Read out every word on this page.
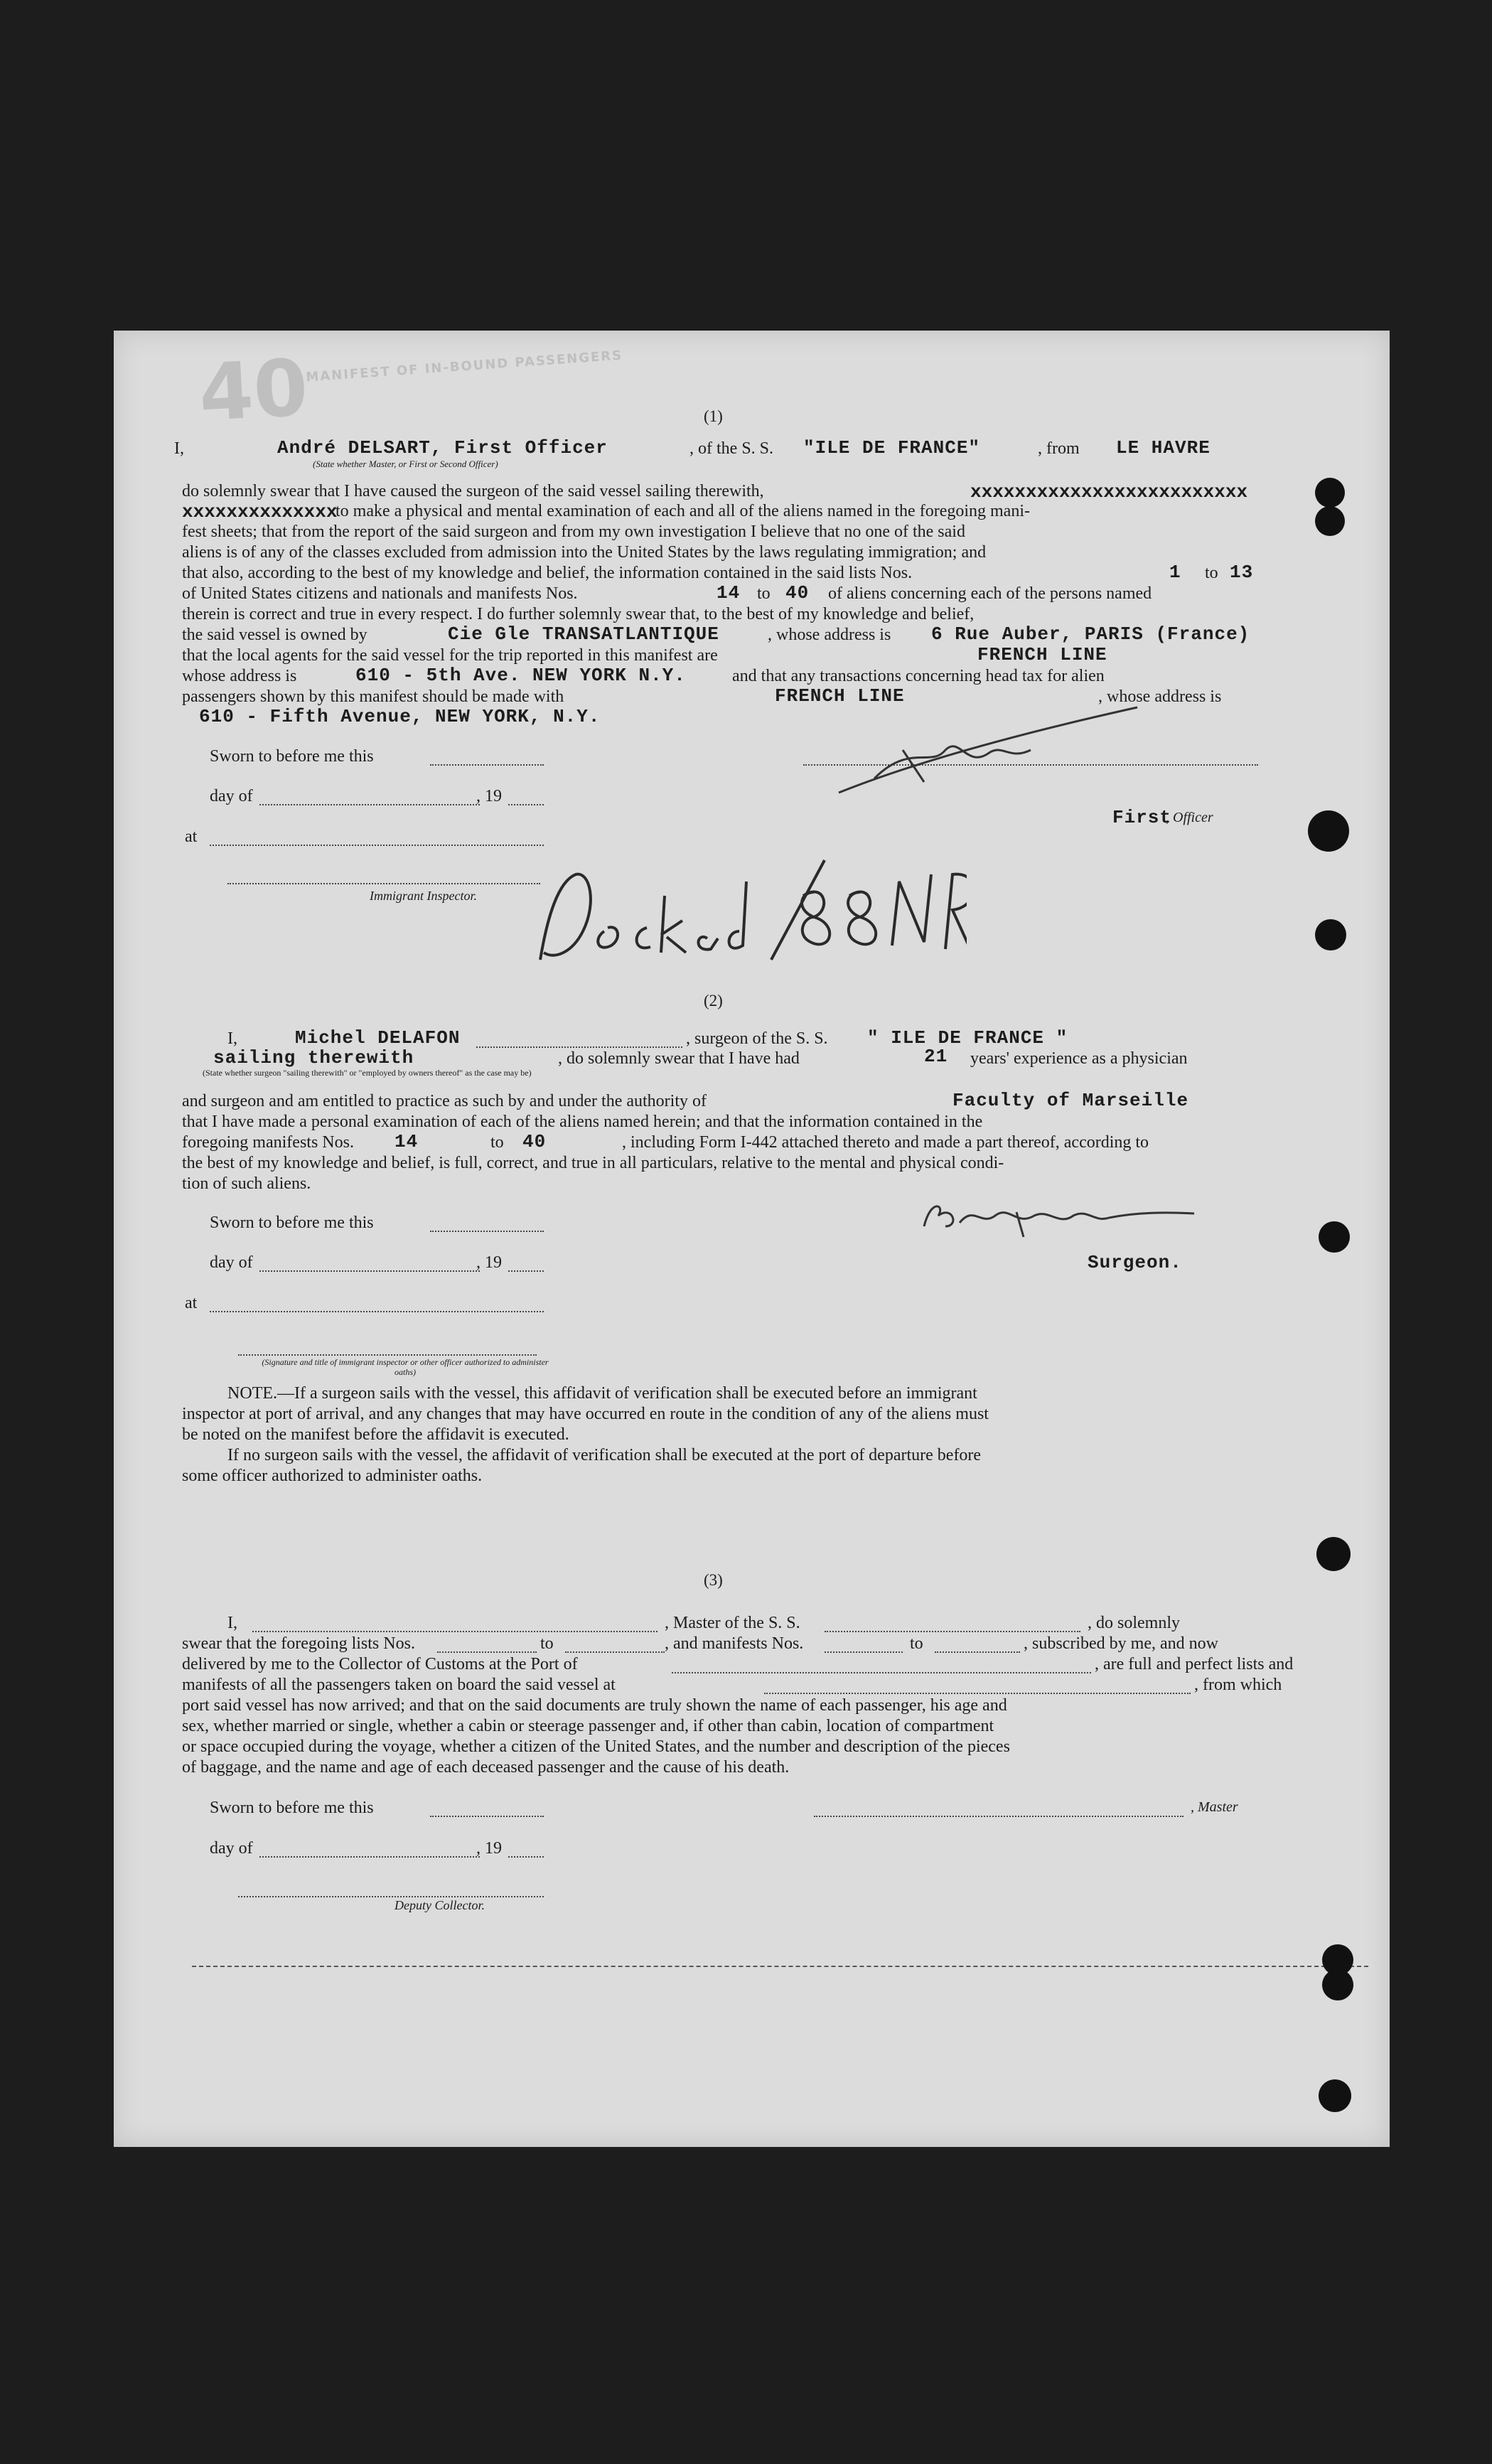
40
MANIFEST OF IN-BOUND PASSENGERS
(1)
I,	André DELSART, First Officer	, of the S. S. "ILE DE FRANCE"	, from LE HAVRE
(State whether Master, or First or Second Officer)
do solemnly swear that I have caused the surgeon of the said vessel sailing therewith,	xxxxxxxxxxxxxxxxxxxxxxxxx
xxxxxxxxxxxxxx
to make a physical and mental examination of each and all of the aliens named in the foregoing mani-
fest sheets; that from the report of the said surgeon and from my own investigation I believe that no one of the said
aliens is of any of the classes excluded from admission into the United States by the laws regulating immigration; and
that also, according to the best of my knowledge and belief, the information contained in the said lists Nos.	1 to 13
of United States citizens and nationals and manifests Nos.	14 to 40 of aliens concerning each of the persons named
therein is correct and true in every respect. I do further solemnly swear that, to the best of my knowledge and belief,
the said vessel is owned by	Cie Gle TRANSATLANTIQUE	, whose address is 6 Rue Auber, PARIS (France)
that the local agents for the said vessel for the trip reported in this manifest are	FRENCH LINE
whose address is	610 - 5th Ave. NEW YORK N.Y.	and that any transactions concerning head tax for alien
passengers shown by this manifest should be made with	FRENCH LINE	, whose address is
610 - Fifth Avenue, NEW YORK, N.Y.
Sworn to before me this
day of	, 19
First
, Officer
at
Immigrant Inspector.
(2)
I,	Michel DELAFON	, surgeon of the S. S. " ILE DE FRANCE "
sailing therewith	, do solemnly swear that I have had	21 years' experience as a physician
(State whether surgeon "sailing therewith" or "employed by owners thereof" as the case may be)
and surgeon and am entitled to practice as such by and under the authority of	Faculty of Marseille
that I have made a personal examination of each of the aliens named herein; and that the information contained in the
foregoing manifests Nos. 14	to 40	, including Form I-442 attached thereto and made a part thereof, according to
the best of my knowledge and belief, is full, correct, and true in all particulars, relative to the mental and physical condi-
tion of such aliens.
Sworn to before me this
day of	, 19	Surgeon.
at
(Signature and title of immigrant inspector or other officer authorized to administer oaths)
NOTE.—If a surgeon sails with the vessel, this affidavit of verification shall be executed before an immigrant
inspector at port of arrival, and any changes that may have occurred en route in the condition of any of the aliens must
be noted on the manifest before the affidavit is executed.
If no surgeon sails with the vessel, the affidavit of verification shall be executed at the port of departure before
some officer authorized to administer oaths.
(3)
I,	, Master of the S. S.	, do solemnly
swear that the foregoing lists Nos.	to	, and manifests Nos.	to	, subscribed by me, and now
delivered by me to the Collector of Customs at the Port of	, are full and perfect lists and
manifests of all the passengers taken on board the said vessel at	, from which
port said vessel has now arrived; and that on the said documents are truly shown the name of each passenger, his age and
sex, whether married or single, whether a cabin or steerage passenger and, if other than cabin, location of compartment
or space occupied during the voyage, whether a citizen of the United States, and the number and description of the pieces
of baggage, and the name and age of each deceased passenger and the cause of his death.
Sworn to before me this	, Master
day of	, 19
Deputy Collector.
